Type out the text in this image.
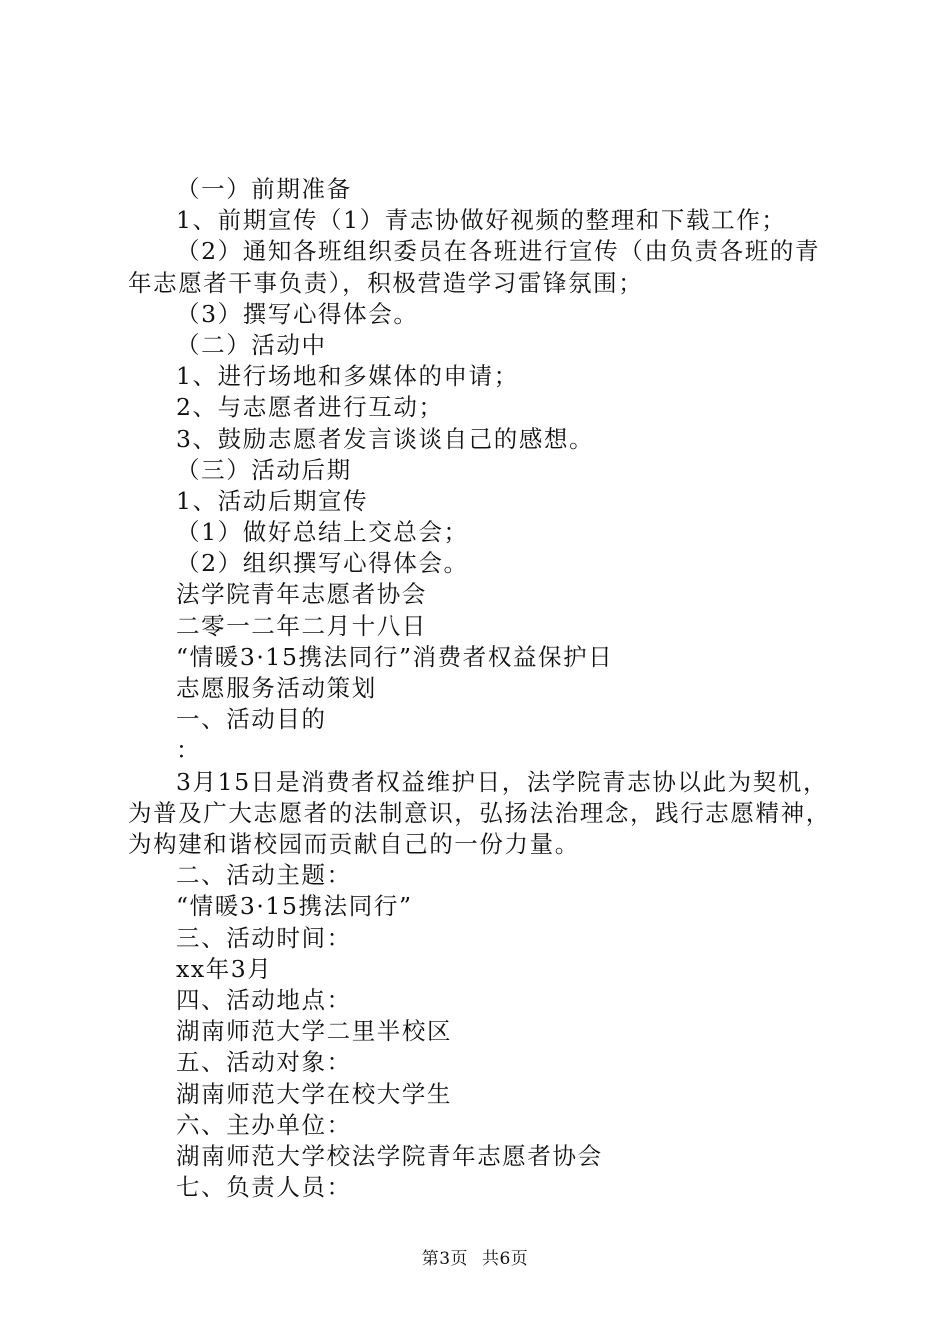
（一）前期准备
1、前期宣传（1）青志协做好视频的整理和下载工作；
（2）通知各班组织委员在各班进行宣传（由负责各班的青年志愿者干事负责），积极营造学习雷锋氛围；
（3）撰写心得体会。
（二）活动中
1、进行场地和多媒体的申请；
2、与志愿者进行互动；
3、鼓励志愿者发言谈谈自己的感想。
（三）活动后期
1、活动后期宣传
（1）做好总结上交总会；
（2）组织撰写心得体会。
法学院青年志愿者协会
二零一二年二月十八日
“情暖3·15携法同行”消费者权益保护日
志愿服务活动策划
一、活动目的
：
3月15日是消费者权益维护日，法学院青志协以此为契机，为普及广大志愿者的法制意识，弘扬法治理念，践行志愿精神，为构建和谐校园而贡献自己的一份力量。
二、活动主题：
“情暖3·15携法同行”
三、活动时间：
xx年3月
四、活动地点：
湖南师范大学二里半校区
五、活动对象：
湖南师范大学在校大学生
六、主办单位：
湖南师范大学校法学院青年志愿者协会
七、负责人员：
第3页 共6页
